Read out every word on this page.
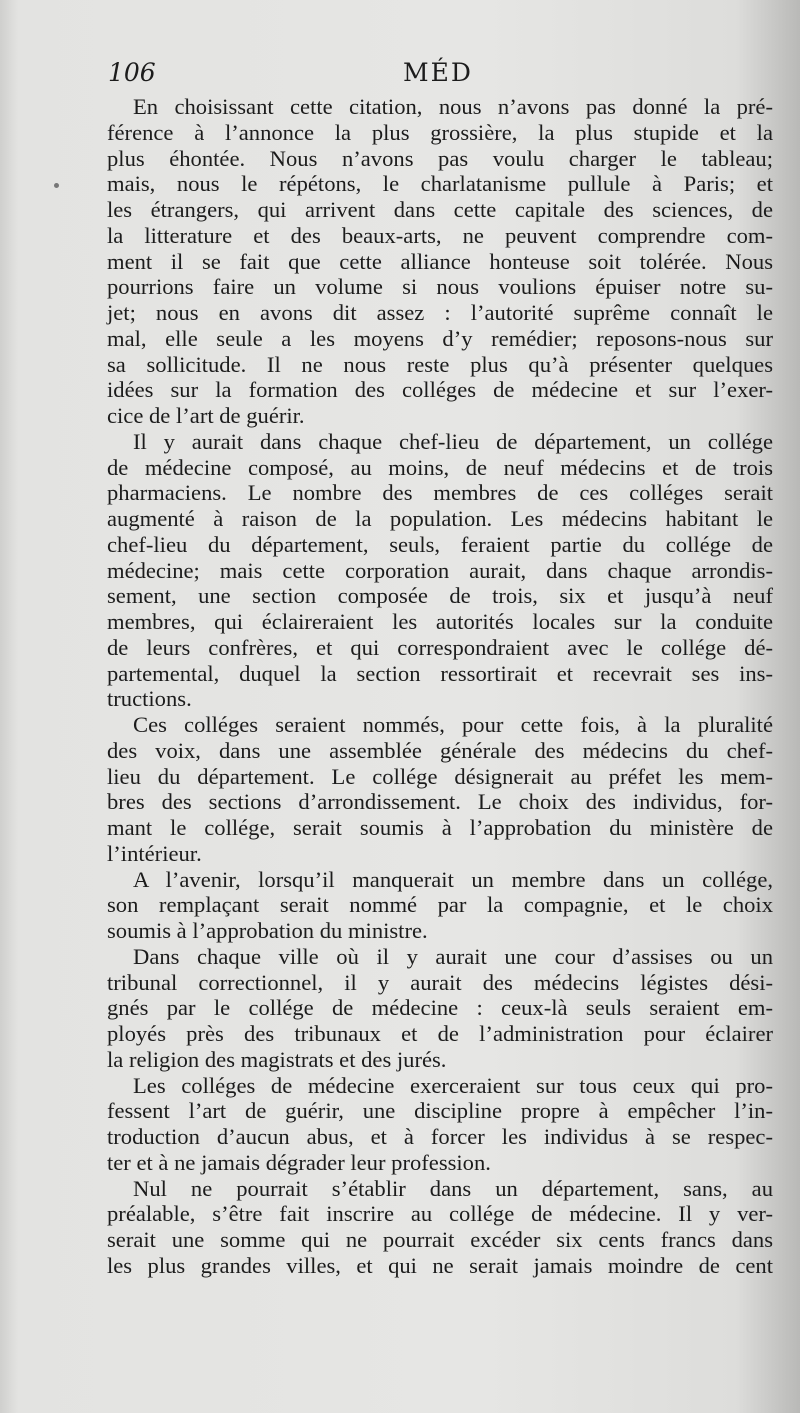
106	MÉD
En choisissant cette citation, nous n’avons pas donné la pré-
férence à l’annonce la plus grossière, la plus stupide et la
plus éhontée. Nous n’avons pas voulu charger le tableau;
mais, nous le répétons, le charlatanisme pullule à Paris; et
les étrangers, qui arrivent dans cette capitale des sciences, de
la litterature et des beaux-arts, ne peuvent comprendre com-
ment il se fait que cette alliance honteuse soit tolérée. Nous
pourrions faire un volume si nous voulions épuiser notre su-
jet; nous en avons dit assez : l’autorité suprême connaît le
mal, elle seule a les moyens d’y remédier; reposons-nous sur
sa sollicitude. Il ne nous reste plus qu’à présenter quelques
idées sur la formation des colléges de médecine et sur l’exer-
cice de l’art de guérir.
Il y aurait dans chaque chef-lieu de département, un collége
de médecine composé, au moins, de neuf médecins et de trois
pharmaciens. Le nombre des membres de ces colléges serait
augmenté à raison de la population. Les médecins habitant le
chef-lieu du département, seuls, feraient partie du collége de
médecine; mais cette corporation aurait, dans chaque arrondis-
sement, une section composée de trois, six et jusqu’à neuf
membres, qui éclaireraient les autorités locales sur la conduite
de leurs confrères, et qui correspondraient avec le collége dé-
partemental, duquel la section ressortirait et recevrait ses ins-
tructions.
Ces colléges seraient nommés, pour cette fois, à la pluralité
des voix, dans une assemblée générale des médecins du chef-
lieu du département. Le collége désignerait au préfet les mem-
bres des sections d’arrondissement. Le choix des individus, for-
mant le collége, serait soumis à l’approbation du ministère de
l’intérieur.
A l’avenir, lorsqu’il manquerait un membre dans un collége,
son remplaçant serait nommé par la compagnie, et le choix
soumis à l’approbation du ministre.
Dans chaque ville où il y aurait une cour d’assises ou un
tribunal correctionnel, il y aurait des médecins légistes dési-
gnés par le collége de médecine : ceux-là seuls seraient em-
ployés près des tribunaux et de l’administration pour éclairer
la religion des magistrats et des jurés.
Les colléges de médecine exerceraient sur tous ceux qui pro-
fessent l’art de guérir, une discipline propre à empêcher l’in-
troduction d’aucun abus, et à forcer les individus à se respec-
ter et à ne jamais dégrader leur profession.
Nul ne pourrait s’établir dans un département, sans, au
préalable, s’être fait inscrire au collége de médecine. Il y ver-
serait une somme qui ne pourrait excéder six cents francs dans
les plus grandes villes, et qui ne serait jamais moindre de cent
